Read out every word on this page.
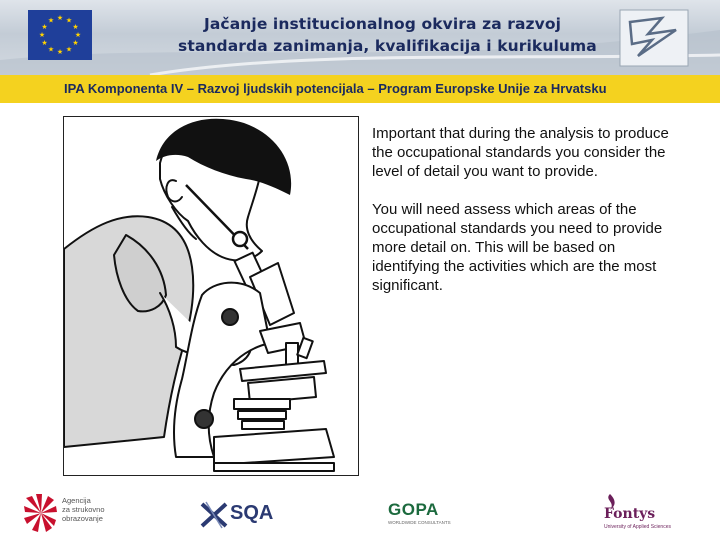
★ ★
★
★
★
★
★
★
★
★
★
★	Jačanje institucionalnog okvira za razvoj
standarda zanimanja, kvalifikacija i kurikuluma
IPA Komponenta IV – Razvoj ljudskih potencijala – Program Europske Unije za Hrvatsku

Important that during the analysis to produce the occupational standards you consider the level of detail you want to provide.

You will need assess which areas of the occupational standards you need to provide more detail on. This will be based on identifying the activities which are the most significant.

Agencija
za strukovno
obrazovanje	SQA	GOPA
WORLDWIDE CONSULTANTS
Fontys
University of Applied Sciences
